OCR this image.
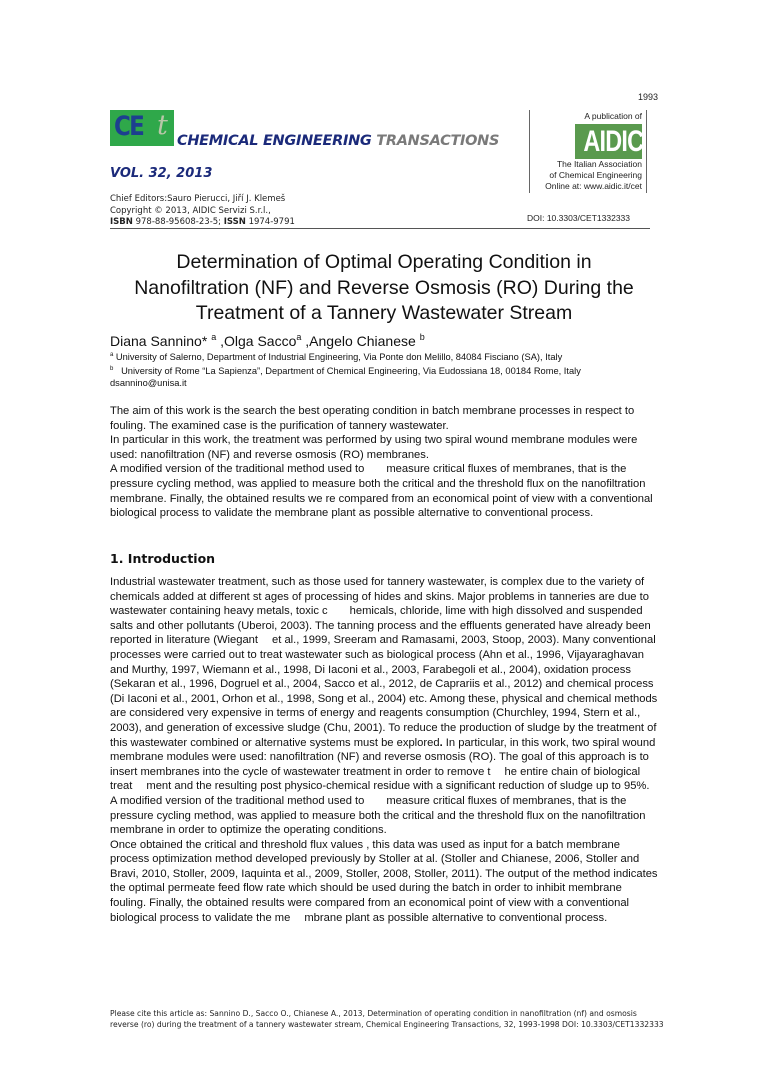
1993
CE t CHEMICAL ENGINEERING TRANSACTIONS
VOL. 32, 2013
Chief Editors:Sauro Pierucci, Jiří J. Klemeš
Copyright © 2013, AIDIC Servizi S.r.l.,
ISBN 978-88-95608-23-5; ISSN 1974-9791
A publication of
AIDIC
The Italian Association
of Chemical Engineering
Online at: www.aidic.it/cet
DOI: 10.3303/CET1332333
Determination of Optimal Operating Condition in
Nanofiltration (NF) and Reverse Osmosis (RO) During the
Treatment of a Tannery Wastewater Stream
Diana Sannino* $^a$ ,Olga Sacco$^a$ ,Angelo Chianese $^b$
$^a$ University of Salerno, Department of Industrial Engineering, Via Ponte don Melillo, 84084 Fisciano (SA), Italy
$^b$   University of Rome “La Sapienza”, Department of Chemical Engineering, Via Eudossiana 18, 00184 Rome, Italy
dsannino@unisa.it

The aim of this work is the search the best operating condition in batch membrane processes in respect to fouling. The examined case is the purification of tannery wastewater.

In particular in this work, the treatment was performed by using two spiral wound membrane modules were used: nanofiltration (NF) and reverse osmosis (RO) membranes.

A modified version of the traditional method used to measure critical fluxes of membranes, that is the pressure cycling method, was applied to measure both the critical and the threshold flux on the nanofiltration membrane. Finally, the obtained results we re compared from an economical point of view with a conventional biological process to validate the membrane plant as possible alternative to conventional process.

1. Introduction

Industrial wastewater treatment, such as those used for tannery wastewater, is complex due to the variety of chemicals added at different st ages of processing of hides and skins. Major problems in tanneries are due to wastewater containing heavy metals, toxic c hemicals, chloride, lime with high dissolved and suspended salts and other pollutants (Uberoi, 2003). The tanning process and the effluents generated have already been reported in literature (Wiegant et al., 1999, Sreeram and Ramasami, 2003, Stoop, 2003). Many conventional processes were carried out to treat wastewater such as biological process (Ahn et al., 1996, Vijayaraghavan and Murthy, 1997, Wiemann et al., 1998, Di Iaconi et al., 2003, Farabegoli et al., 2004), oxidation process (Sekaran et al., 1996, Dogruel et al., 2004, Sacco et al., 2012, de Caprariis et al., 2012) and chemical process (Di Iaconi et al., 2001, Orhon et al., 1998, Song et al., 2004) etc. Among these, physical and chemical methods are considered very expensive in terms of energy and reagents consumption (Churchley, 1994, Stern et al., 2003), and generation of excessive sludge (Chu, 2001). To reduce the production of sludge by the treatment of this wastewater combined or alternative systems must be explored. In particular, in this work, two spiral wound membrane modules were used: nanofiltration (NF) and reverse osmosis (RO). The goal of this approach is to insert membranes into the cycle of wastewater treatment in order to remove t he entire chain of biological treat ment and the resulting post physico-chemical residue with a significant reduction of sludge up to 95%.

A modified version of the traditional method used to measure critical fluxes of membranes, that is the pressure cycling method, was applied to measure both the critical and the threshold flux on the nanofiltration membrane in order to optimize the operating conditions.

Once obtained the critical and threshold flux values , this data was used as input for a batch membrane process optimization method developed previously by Stoller at al. (Stoller and Chianese, 2006, Stoller and Bravi, 2010, Stoller, 2009, Iaquinta et al., 2009, Stoller, 2008, Stoller, 2011). The output of the method indicates the optimal permeate feed flow rate which should be used during the batch in order to inhibit membrane fouling. Finally, the obtained results were compared from an economical point of view with a conventional biological process to validate the me mbrane plant as possible alternative to conventional process.

Please cite this article as: Sannino D., Sacco O., Chianese A., 2013, Determination of operating condition in nanofiltration (nf) and osmosis reverse (ro) during the treatment of a tannery wastewater stream, Chemical Engineering Transactions, 32, 1993-1998 DOI: 10.3303/CET1332333
